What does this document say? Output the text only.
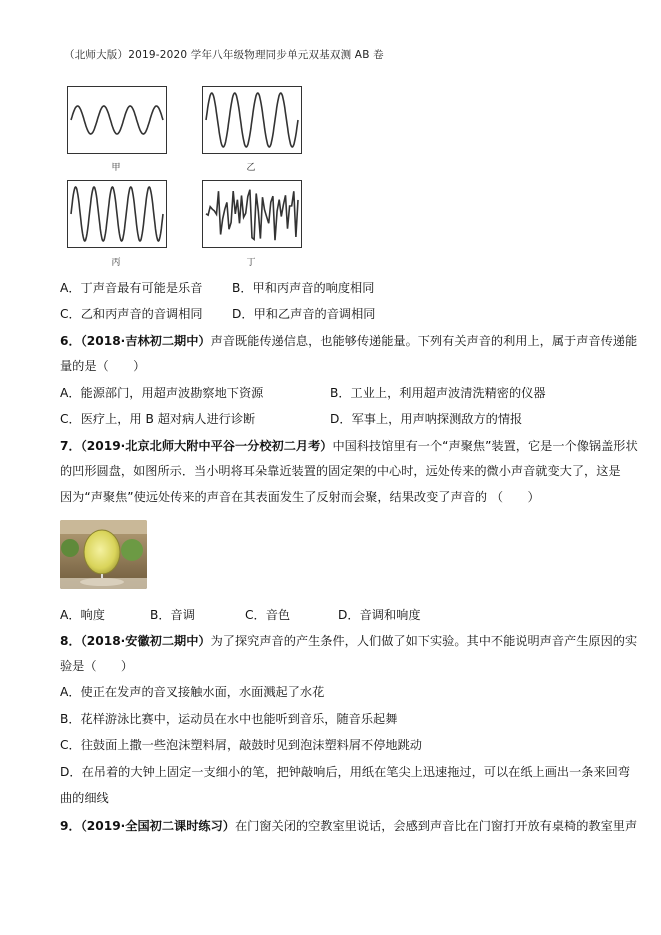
（北师大版）2019-2020 学年八年级物理同步单元双基双测 AB 卷
甲	乙
丙	丁
A．丁声音最有可能是乐音 B．甲和丙声音的响度相同
C．乙和丙声音的音调相同 D．甲和乙声音的音调相同
6．（2018·吉林初二期中）声音既能传递信息，也能够传递能量。下列有关声音的利用上，属于声音传递能
量的是（　　）
A．能源部门，用超声波勘察地下资源	B．工业上，利用超声波清洗精密的仪器
C．医疗上，用 B 超对病人进行诊断	D．军事上，用声呐探测敌方的情报
7．（2019·北京北师大附中平谷一分校初二月考）中国科技馆里有一个“声聚焦”装置，它是一个像锅盖形状
的凹形圆盘，如图所示．当小明将耳朵靠近装置的固定架的中心时，远处传来的微小声音就变大了，这是
因为“声聚焦”使远处传来的声音在其表面发生了反射而会聚，结果改变了声音的 （　　）
A．响度	B．音调	C．音色	D．音调和响度
8．（2018·安徽初二期中）为了探究声音的产生条件，人们做了如下实验。其中不能说明声音产生原因的实
验是（　　）
A．使正在发声的音叉接触水面，水面溅起了水花
B．花样游泳比赛中，运动员在水中也能听到音乐，随音乐起舞
C．往鼓面上撒一些泡沫塑料屑，敲鼓时见到泡沫塑料屑不停地跳动
D．在吊着的大钟上固定一支细小的笔，把钟敲响后，用纸在笔尖上迅速拖过，可以在纸上画出一条来回弯
曲的细线
9．（2019·全国初二课时练习）在门窗关闭的空教室里说话，会感到声音比在门窗打开放有桌椅的教室里声
